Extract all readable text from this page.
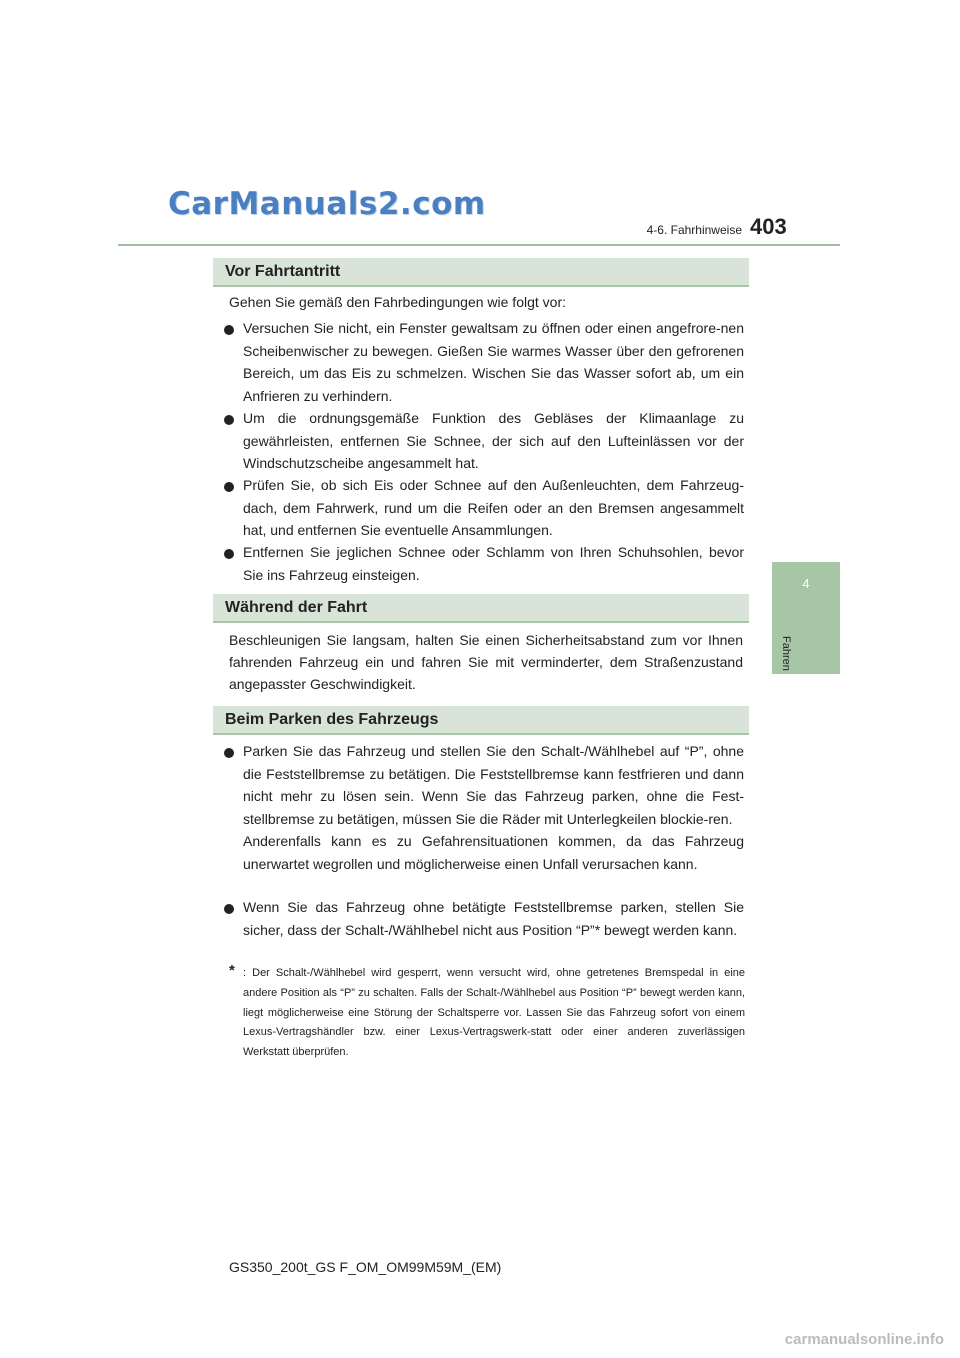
CarManuals2.com
4-6. Fahrhinweise 403
4
Fahren
Vor Fahrtantritt
Gehen Sie gemäß den Fahrbedingungen wie folgt vor:
Versuchen Sie nicht, ein Fenster gewaltsam zu öffnen oder einen angefrore-nen Scheibenwischer zu bewegen. Gießen Sie warmes Wasser über den gefrorenen Bereich, um das Eis zu schmelzen. Wischen Sie das Wasser sofort ab, um ein Anfrieren zu verhindern.
Um die ordnungsgemäße Funktion des Gebläses der Klimaanlage zu gewährleisten, entfernen Sie Schnee, der sich auf den Lufteinlässen vor der Windschutzscheibe angesammelt hat.
Prüfen Sie, ob sich Eis oder Schnee auf den Außenleuchten, dem Fahrzeug-dach, dem Fahrwerk, rund um die Reifen oder an den Bremsen angesammelt hat, und entfernen Sie eventuelle Ansammlungen.
Entfernen Sie jeglichen Schnee oder Schlamm von Ihren Schuhsohlen, bevor Sie ins Fahrzeug einsteigen.
Während der Fahrt
Beschleunigen Sie langsam, halten Sie einen Sicherheitsabstand zum vor Ihnen fahrenden Fahrzeug ein und fahren Sie mit verminderter, dem Straßenzustand angepasster Geschwindigkeit.
Beim Parken des Fahrzeugs
Parken Sie das Fahrzeug und stellen Sie den Schalt-/Wählhebel auf “P”, ohne die Feststellbremse zu betätigen. Die Feststellbremse kann festfrieren und dann nicht mehr zu lösen sein. Wenn Sie das Fahrzeug parken, ohne die Fest-stellbremse zu betätigen, müssen Sie die Räder mit Unterlegkeilen blockie-ren.
Anderenfalls kann es zu Gefahrensituationen kommen, da das Fahrzeug unerwartet wegrollen und möglicherweise einen Unfall verursachen kann.
Wenn Sie das Fahrzeug ohne betätigte Feststellbremse parken, stellen Sie sicher, dass der Schalt-/Wählhebel nicht aus Position “P”* bewegt werden kann.
* : Der Schalt-/Wählhebel wird gesperrt, wenn versucht wird, ohne getretenes Bremspedal in eine andere Position als “P” zu schalten. Falls der Schalt-/Wählhebel aus Position “P” bewegt werden kann, liegt möglicherweise eine Störung der Schaltsperre vor. Lassen Sie das Fahrzeug sofort von einem Lexus-Vertragshändler bzw. einer Lexus-Vertragswerk-statt oder einer anderen zuverlässigen Werkstatt überprüfen.
GS350_200t_GS F_OM_OM99M59M_(EM)
carmanualsonline.info
